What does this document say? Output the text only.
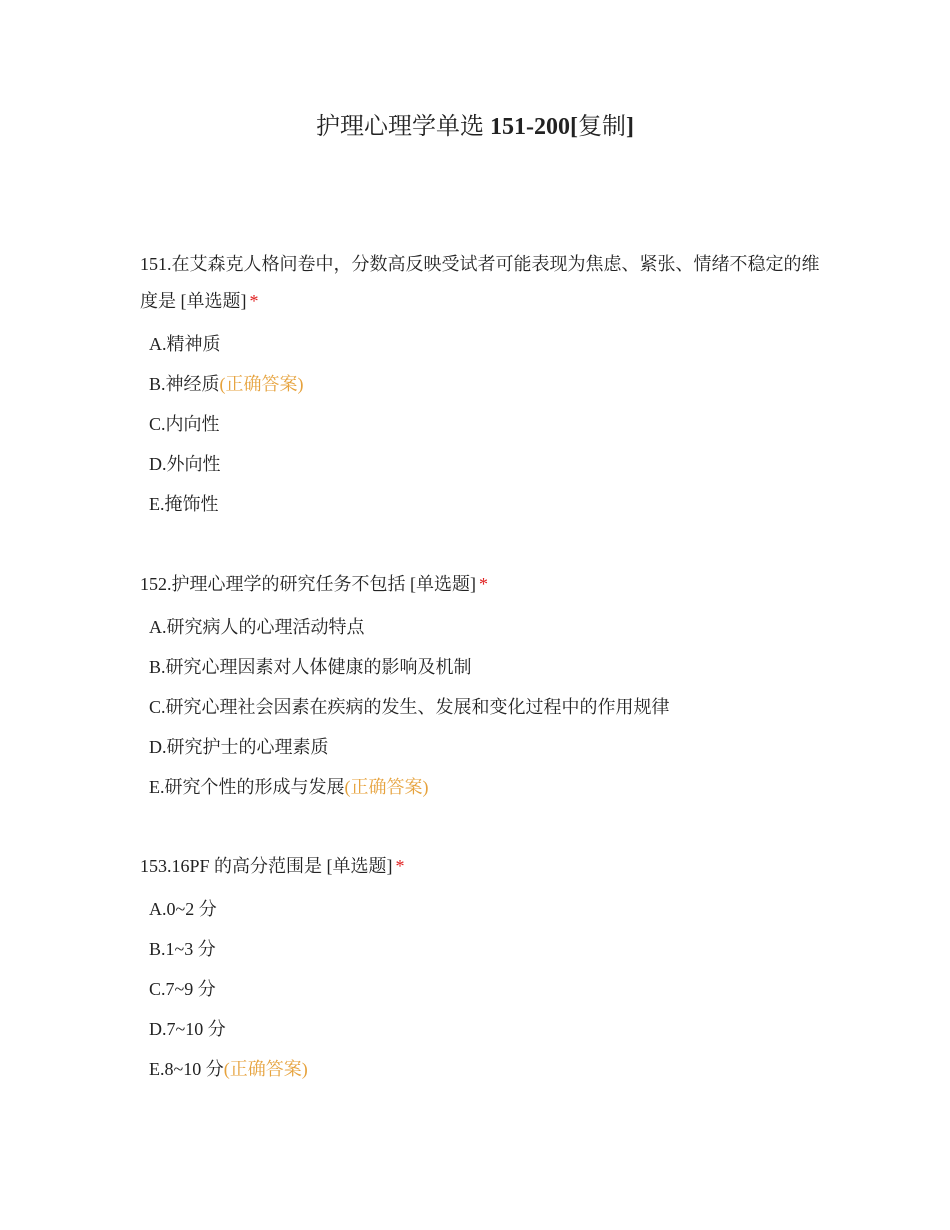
护理心理学单选 151-200[复制]

151.在艾森克人格问卷中，分数高反映受试者可能表现为焦虑、紧张、情绪不稳定的维度是 [单选题] *

A.精神质
B.神经质(正确答案)
C.内向性
D.外向性
E.掩饰性

152.护理心理学的研究任务不包括 [单选题] *

A.研究病人的心理活动特点
B.研究心理因素对人体健康的影响及机制
C.研究心理社会因素在疾病的发生、发展和变化过程中的作用规律
D.研究护士的心理素质
E.研究个性的形成与发展(正确答案)

153.16PF 的高分范围是 [单选题] *

A.0~2 分
B.1~3 分
C.7~9 分
D.7~10 分
E.8~10 分(正确答案)
